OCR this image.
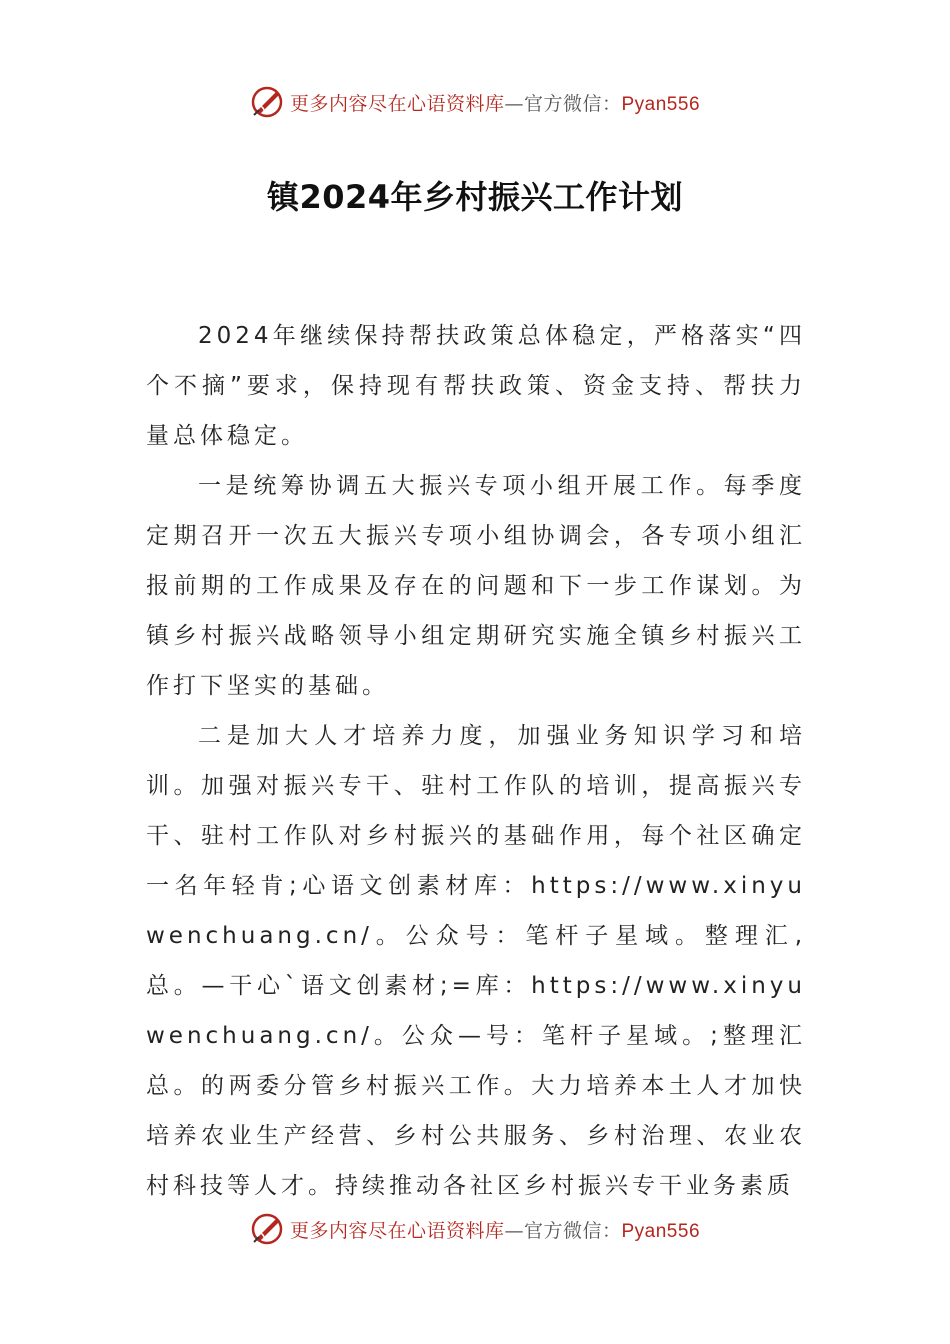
更多内容尽在心语资料库—官方微信：Pyan556
镇2024年乡村振兴工作计划

2024年继续保持帮扶政策总体稳定，严格落实“四个不摘”要求，保持现有帮扶政策、资金支持、帮扶力量总体稳定。

一是统筹协调五大振兴专项小组开展工作。每季度定期召开一次五大振兴专项小组协调会，各专项小组汇报前期的工作成果及存在的问题和下一步工作谋划。为镇乡村振兴战略领导小组定期研究实施全镇乡村振兴工作打下坚实的基础。

二是加大人才培养力度，加强业务知识学习和培训。加强对振兴专干、驻村工作队的培训，提高振兴专干、驻村工作队对乡村振兴的基础作用，每个社区确定一名年轻肯;心语文创素材库：https://www.xinyuwenchuang.cn/。公众号：笔杆子星域。整理汇,总。—干心`语文创素材;=库：https://www.xinyuwenchuang.cn/。公众—号：笔杆子星域。;整理汇总。的两委分管乡村振兴工作。大力培养本土人才加快培养农业生产经营、乡村公共服务、乡村治理、农业农村科技等人才。持续推动各社区乡村振兴专干业务素质

更多内容尽在心语资料库—官方微信：Pyan556
